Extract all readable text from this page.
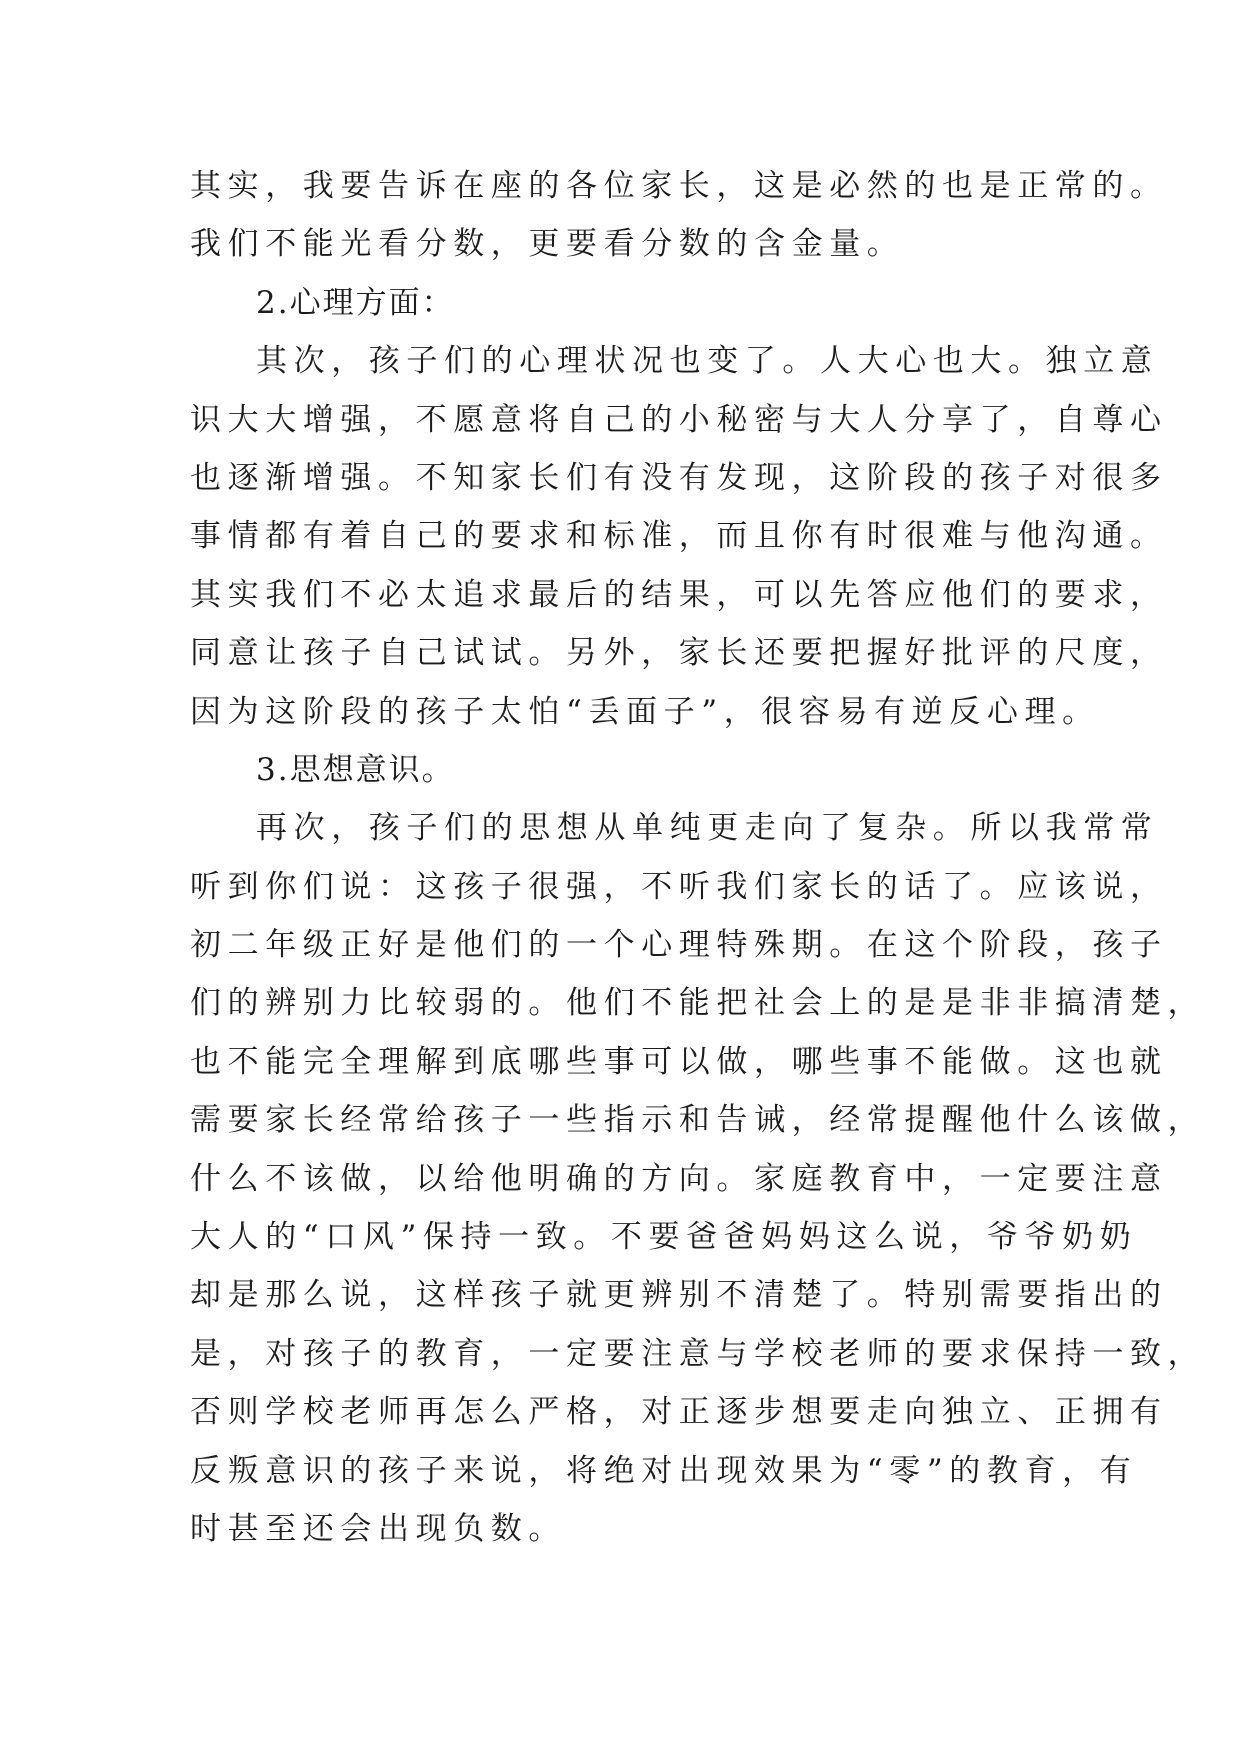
其实，我要告诉在座的各位家长，这是必然的也是正常的。
我们不能光看分数，更要看分数的含金量。
2.心理方面：
其次，孩子们的心理状况也变了。人大心也大。独立意
识大大增强，不愿意将自己的小秘密与大人分享了，自尊心
也逐渐增强。不知家长们有没有发现，这阶段的孩子对很多
事情都有着自己的要求和标准，而且你有时很难与他沟通。
其实我们不必太追求最后的结果，可以先答应他们的要求，
同意让孩子自己试试。另外，家长还要把握好批评的尺度，
因为这阶段的孩子太怕“丢面子”，很容易有逆反心理。
3.思想意识。
再次，孩子们的思想从单纯更走向了复杂。所以我常常
听到你们说：这孩子很强，不听我们家长的话了。应该说，
初二年级正好是他们的一个心理特殊期。在这个阶段，孩子
们的辨别力比较弱的。他们不能把社会上的是是非非搞清楚，
也不能完全理解到底哪些事可以做，哪些事不能做。这也就
需要家长经常给孩子一些指示和告诫，经常提醒他什么该做，
什么不该做，以给他明确的方向。家庭教育中，一定要注意
大人的“口风”保持一致。不要爸爸妈妈这么说，爷爷奶奶
却是那么说，这样孩子就更辨别不清楚了。特别需要指出的
是，对孩子的教育，一定要注意与学校老师的要求保持一致，
否则学校老师再怎么严格，对正逐步想要走向独立、正拥有
反叛意识的孩子来说，将绝对出现效果为“零”的教育，有
时甚至还会出现负数。
